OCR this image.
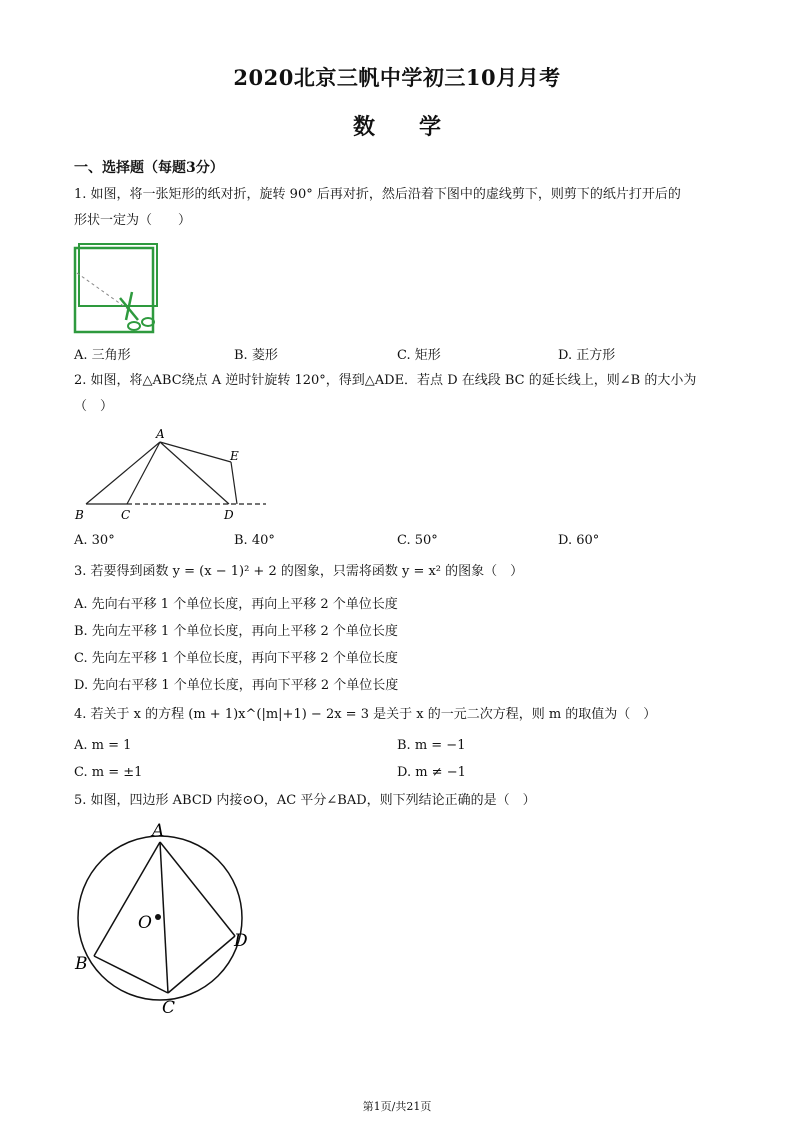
2020北京三帆中学初三10月月考
数 学
一、选择题（每题3分）
1. 如图，将一张矩形的纸对折，旋转 90° 后再对折，然后沿着下图中的虚线剪下，则剪下的纸片打开后的
形状一定为（　　）
A. 三角形	B. 菱形	C. 矩形	D. 正方形
2. 如图，将△ABC绕点 A 逆时针旋转 120°，得到△ADE．若点 D 在线段 BC 的延长线上，则∠B 的大小为
（　）
A
E
B	C	D
A. 30°	B. 40°	C. 50°	D. 60°
3. 若要得到函数 y = (x − 1)² + 2 的图象，只需将函数 y = x² 的图象（　）
A. 先向右平移 1 个单位长度，再向上平移 2 个单位长度
B. 先向左平移 1 个单位长度，再向上平移 2 个单位长度
C. 先向左平移 1 个单位长度，再向下平移 2 个单位长度
D. 先向右平移 1 个单位长度，再向下平移 2 个单位长度
4. 若关于 x 的方程 (m + 1)x^(|m|+1) − 2x = 3 是关于 x 的一元二次方程，则 m 的取值为（　）
A. m = 1	B. m = −1
C. m = ±1	D. m ≠ −1
5. 如图，四边形 ABCD 内接⊙O，AC 平分∠BAD，则下列结论正确的是（　）
A
O
D
B
C
第1页/共21页
